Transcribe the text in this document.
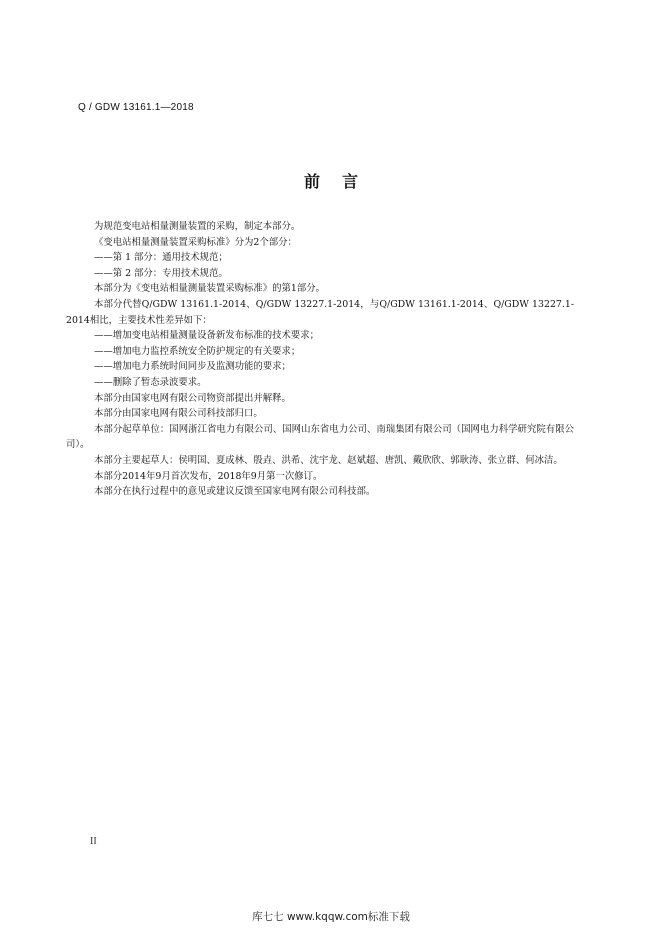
Q / GDW 13161.1—2018
前言

为规范变电站相量测量装置的采购，制定本部分。

《变电站相量测量装置采购标准》分为2个部分：

——第 1 部分：通用技术规范；

——第 2 部分：专用技术规范。

本部分为《变电站相量测量装置采购标准》的第1部分。

本部分代替Q/GDW 13161.1-2014、Q/GDW 13227.1-2014，与Q/GDW 13161.1-2014、Q/GDW 13227.1-2014相比，主要技术性差异如下：

——增加变电站相量测量设备新发布标准的技术要求；

——增加电力监控系统安全防护规定的有关要求；

——增加电力系统时间同步及监测功能的要求；

——删除了暂态录波要求。

本部分由国家电网有限公司物资部提出并解释。

本部分由国家电网有限公司科技部归口。

本部分起草单位：国网浙江省电力有限公司、国网山东省电力公司、南瑞集团有限公司（国网电力科学研究院有限公司）。

本部分主要起草人：侯明国、夏成林、殷垚、洪希、沈宇龙、赵斌超、唐凯、戴欣欣、郭耿涛、张立群、何冰洁。

本部分2014年9月首次发布，2018年9月第一次修订。

本部分在执行过程中的意见或建议反馈至国家电网有限公司科技部。

II
库七七 www.kqqw.com标准下载
